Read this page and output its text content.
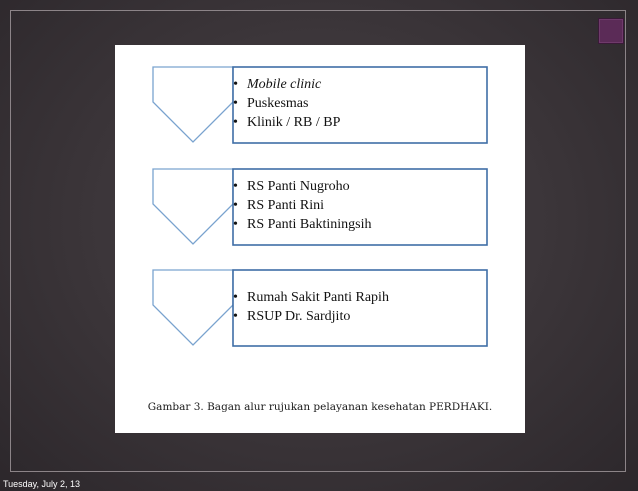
• Mobile clinic
• Puskesmas
• Klinik / RB / BP
• RS Panti Nugroho
• RS Panti Rini
• RS Panti Baktiningsih
• Rumah Sakit Panti Rapih
• RSUP Dr. Sardjito
Gambar 3. Bagan alur rujukan pelayanan kesehatan PERDHAKI.
Tuesday, July 2, 13
